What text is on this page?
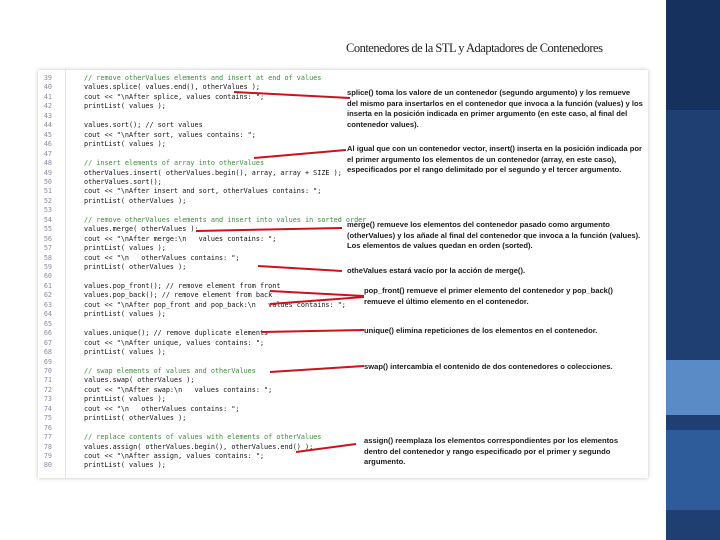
Contenedores de la STL y Adaptadores de Contenedores
39	// remove otherValues elements and insert at end of values
40	values.splice( values.end(), otherValues );
41	cout << "\nAfter splice, values contains: ";
42	printList( values );
43
44	values.sort(); // sort values
45	cout << "\nAfter sort, values contains: ";
46	printList( values );
47
48	// insert elements of array into otherValues
49	otherValues.insert( otherValues.begin(), array, array + SIZE );
50	otherValues.sort();
51	cout << "\nAfter insert and sort, otherValues contains: ";
52	printList( otherValues );
53
54	// remove otherValues elements and insert into values in sorted order
55	values.merge( otherValues );
56	cout << "\nAfter merge:\n   values contains: ";
57	printList( values );
58	cout << "\n   otherValues contains: ";
59	printList( otherValues );
60
61	values.pop_front(); // remove element from front
62	values.pop_back(); // remove element from back
63	cout << "\nAfter pop_front and pop_back:\n   values contains: ";
64	printList( values );
65
66	values.unique(); // remove duplicate elements
67	cout << "\nAfter unique, values contains: ";
68	printList( values );
69
70	// swap elements of values and otherValues
71	values.swap( otherValues );
72	cout << "\nAfter swap:\n   values contains: ";
73	printList( values );
74	cout << "\n   otherValues contains: ";
75	printList( otherValues );
76
77	// replace contents of values with elements of otherValues
78	values.assign( otherValues.begin(), otherValues.end() );
79	cout << "\nAfter assign, values contains: ";
80	printList( values );
splice() toma los valore de un contenedor (segundo argumento) y los remueve del mismo para insertarlos en el contenedor que invoca a la función (values) y los inserta en la posición indicada en primer argumento (en este caso, al final del contenedor values).
Al igual que con un contenedor vector, insert() inserta en la posición indicada por el primer argumento los elementos de un contenedor (array, en este caso), especificados por el rango delimitado por el segundo y el tercer argumento.
merge() remueve los elementos del contenedor pasado como argumento (otherValues) y los añade al final del contenedor que invoca a la función (values). Los elementos de values quedan en orden (sorted).
otheValues estará vacío por la acción de merge().
pop_front() remueve el primer elemento del contenedor y pop_back() remueve el último elemento en el contenedor.
unique() elimina repeticiones de los elementos en el contenedor.
swap() intercambia el contenido de dos contenedores o colecciones.
assign() reemplaza los elementos correspondientes por los elementos dentro del contenedor y rango especificado por el primer y segundo argumento.
